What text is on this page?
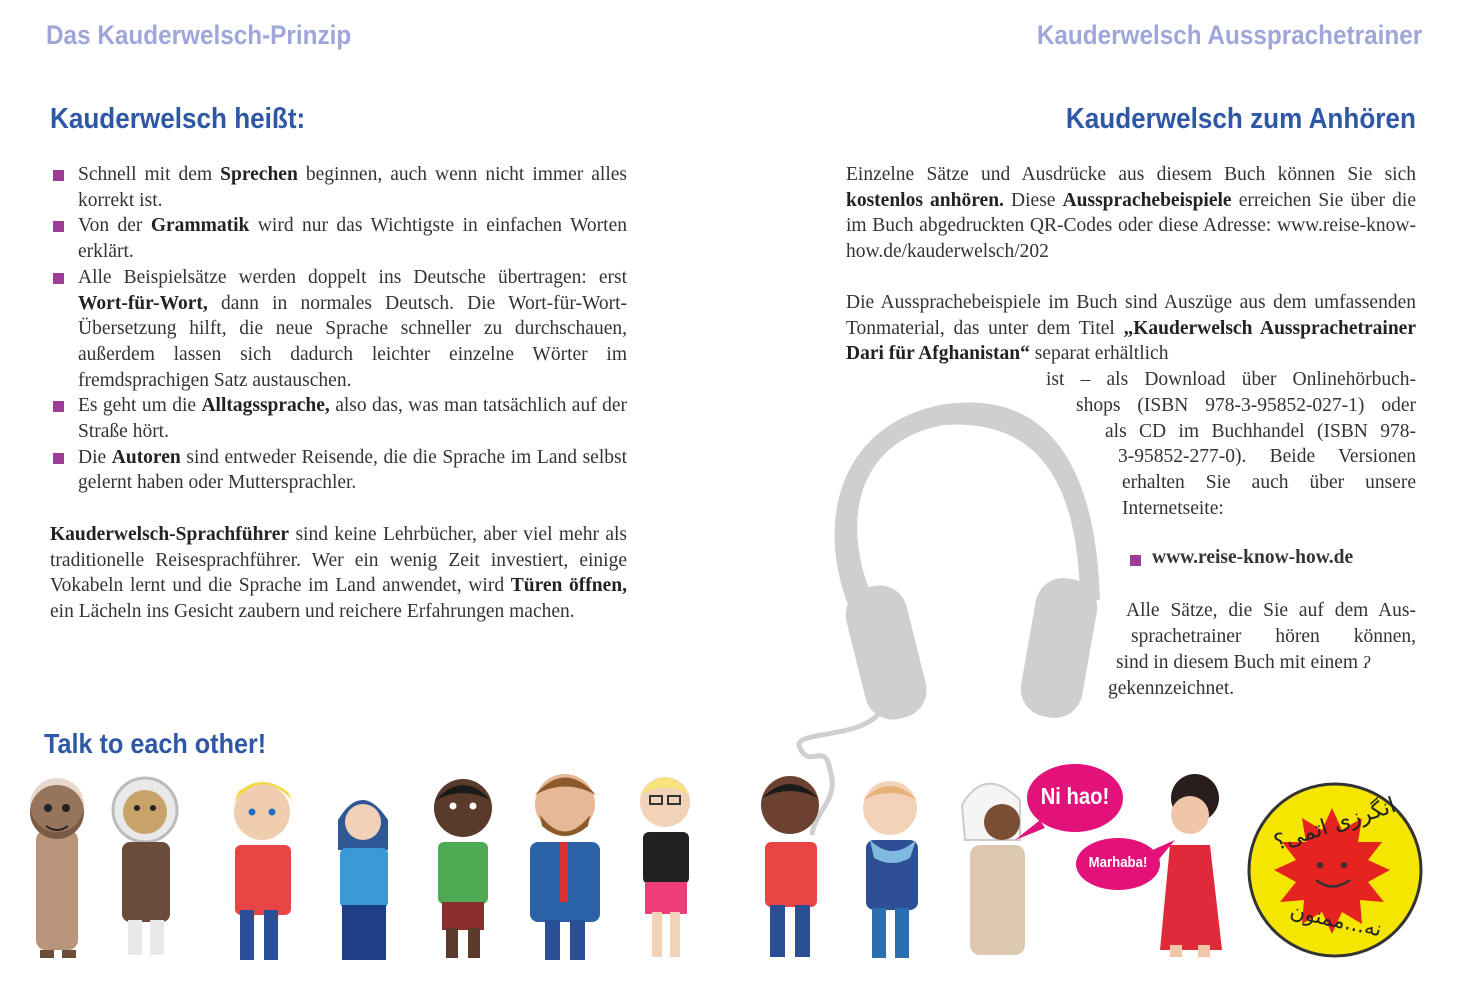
Das Kauderwelsch-Prinzip	Kauderwelsch Aussprachetrainer
Kauderwelsch heißt:
Schnell mit dem Sprechen beginnen, auch wenn nicht immer alles korrekt ist.
Von der Grammatik wird nur das Wichtigste in einfachen Worten erklärt.
Alle Beispielsätze werden doppelt ins Deutsche übertragen: erst Wort-für-Wort, dann in normales Deutsch. Die Wort-für-Wort-Übersetzung hilft, die neue Sprache schneller zu durchschauen, außerdem lassen sich dadurch leichter einzelne Wörter im fremdsprachigen Satz austauschen.
Es geht um die Alltagssprache, also das, was man tatsächlich auf der Straße hört.
Die Autoren sind entweder Reisende, die die Sprache im Land selbst gelernt haben oder Muttersprachler.

Kauderwelsch-Sprachführer sind keine Lehrbücher, aber viel mehr als traditionelle Reisesprachführer. Wer ein wenig Zeit investiert, einige Vokabeln lernt und die Sprache im Land anwendet, wird Türen öffnen, ein Lächeln ins Gesicht zaubern und reichere Erfahrungen machen.

Talk to each other!
Kauderwelsch zum Anhören

Einzelne Sätze und Ausdrücke aus diesem Buch können Sie sich kostenlos anhören. Diese Aussprachebeispiele erreichen Sie über die im Buch abgedruckten QR-Codes oder diese Adresse: www.reise-know-how.de/kauderwelsch/202

Die Aussprachebeispiele im Buch sind Auszüge aus dem umfassenden Tonmaterial, das unter dem Titel „Kauderwelsch Aussprachetrainer Dari für Afghanistan“ separat erhältlich

ist – als Download über Onlinehörbuch-

shops (ISBN 978-3-95852-027-1) oder

als CD im Buchhandel (ISBN 978-

3-95852-277-0). Beide Versionen

erhalten Sie auch über unsere

Internetseite:

www.reise-know-how.de

Alle Sätze, die Sie auf dem Aus-

sprachetrainer hören können,

sind in diesem Buch mit einem ʔ

gekennzeichnet.

Ni hao!
Marhaba!
انگرزی اتمی؟
نه...ممنون
